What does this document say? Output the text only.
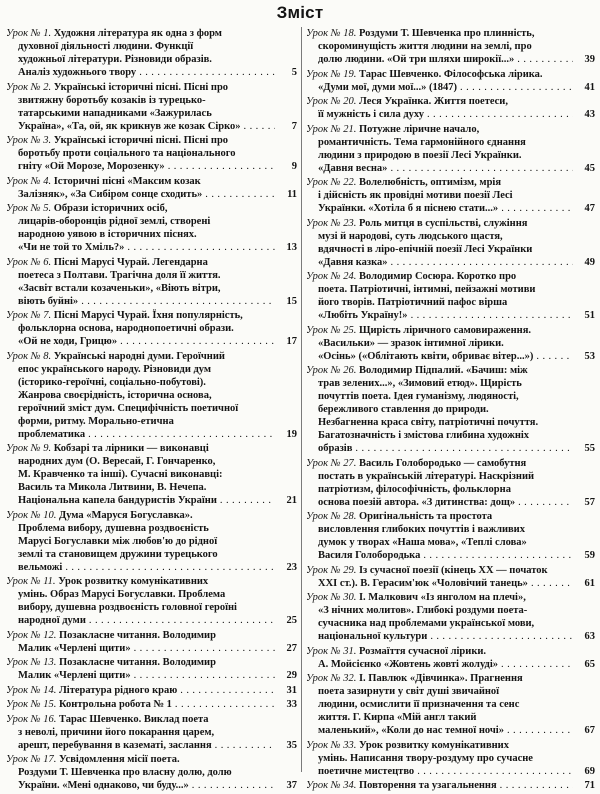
Зміст
Урок № 1. Художня література як одна з форм
духовної діяльності людини. Функції
художньої літератури. Різновиди образів.
Аналіз художнього твору . . .	5
Урок № 2. Українські історичні пісні. Пісні про
звитяжну боротьбу козаків із турецько-
татарськими нападниками «Зажурилась
Україна», «Та, ой, як крикнув же козак Сірко» . . .	7
Урок № 3. Українські історичні пісні. Пісні про
боротьбу проти соціального та національного
гніту «Ой Морозе, Морозенку» . . .	9
Урок № 4. Історичні пісні «Максим козак
Залізняк», «За Сибіром сонце сходить» . . .	11
Урок № 5. Образи історичних осіб,
лицарів-оборонців рідної землі, створені
народною уявою в історичних піснях.
«Чи не той то Хміль?» . . .	13
Урок № 6. Пісні Марусі Чурай. Легендарна
поетеса з Полтави. Трагічна доля її життя.
«Засвіт встали козаченьки», «Віють вітри,
віють буйні» . . .	15
Урок № 7. Пісні Марусі Чурай. Їхня популярність,
фольклорна основа, народнопоетичні образи.
«Ой не ходи, Грицю» . . .	17
Урок № 8. Українські народні думи. Героїчний
епос українського народу. Різновиди дум
(історико-героїчні, соціально-побутові).
Жанрова своєрідність, історична основа,
героїчний зміст дум. Специфічність поетичної
форми, ритму. Морально-етична
проблематика . . .	19
Урок № 9. Кобзарі та лірники — виконавці
народних дум (О. Вересай, Г. Гончаренко,
М. Кравченко та інші). Сучасні виконавці:
Василь та Микола Литвини, В. Нечепа.
Національна капела бандуристів України . . .	21
Урок № 10. Дума «Маруся Богуславка».
Проблема вибору, душевна роздвоєність
Марусі Богуславки між любов'ю до рідної
землі та становищем дружини турецького
вельможі . . .	23
Урок № 11. Урок розвитку комунікативних
умінь. Образ Марусі Богуславки. Проблема
вибору, душевна роздвоєність головної героїні
народної думи . . .	25
Урок № 12. Позакласне читання. Володимир
Малик «Черлені щити» . . .	27
Урок № 13. Позакласне читання. Володимир
Малик «Черлені щити» . . .	29
Урок № 14. Література рідного краю . . .	31
Урок № 15. Контрольна робота № 1 . . .	33
Урок № 16. Тарас Шевченко. Виклад поета
з неволі, причини його покарання царем,
арешт, перебування в казематі, заслання . . .	35
Урок № 17. Усвідомлення місії поета.
Роздуми Т. Шевченка про власну долю, долю
України. «Мені однаково, чи буду...» . . .	37
Урок № 18. Роздуми Т. Шевченка про плинність,
скороминущість життя людини на землі, про
долю людини. «Ой три шляхи широкії...» . . .	39
Урок № 19. Тарас Шевченко. Філософська лірика.
«Думи мої, думи мої...» (1847) . . .	41
Урок № 20. Леся Українка. Життя поетеси,
її мужність і сила духу . . .	43
Урок № 21. Потужне ліричне начало,
романтичність. Тема гармонійного єднання
людини з природою в поезії Лесі Українки.
«Давня весна» . . .	45
Урок № 22. Волелюбність, оптимізм, мрія
і дійсність як провідні мотиви поезії Лесі
Українки. «Хотіла б я піснею стати...» . . .	47
Урок № 23. Роль митця в суспільстві, служіння
музі й народові, суть людського щастя,
вдячності в ліро-епічній поезії Лесі Українки
«Давня казка» . . .	49
Урок № 24. Володимир Сосюра. Коротко про
поета. Патріотичні, інтимні, пейзажні мотиви
його творів. Патріотичний пафос вірша
«Любіть Україну!» . . .	51
Урок № 25. Щирість ліричного самовираження.
«Васильки» — зразок інтимної лірики.
«Осінь» («Облітають квіти, обриває вітер...») . . .	53
Урок № 26. Володимир Підпалий. «Бачиш: між
трав зелених...», «Зимовий етюд». Щирість
почуттів поета. Ідея гуманізму, людяності,
бережливого ставлення до природи.
Незбагненна краса світу, патріотичні почуття.
Багатозначність і змістова глибина художніх
образів . . .	55
Урок № 27. Василь Голобородько — самобутня
постать в українській літературі. Наскрізний
патріотизм, філософічність, фольклорна
основа поезій автора. «З дитинства: дощ» . . .	57
Урок № 28. Оригінальність та простота
висловлення глибоких почуттів і важливих
думок у творах «Наша мова», «Теплі слова»
Василя Голобородька . . .	59
Урок № 29. Із сучасної поезії (кінець XX — початок
XXI ст.). В. Герасим'юк «Чоловічий танець» . . .	61
Урок № 30. І. Малкович «Із янголом на плечі»,
«З нічних молитов». Глибокі роздуми поета-
сучасника над проблемами української мови,
національної культури . . .	63
Урок № 31. Розмаїття сучасної лірики.
А. Мойсієнко «Жовтень жовті жолуді» . . .	65
Урок № 32. І. Павлюк «Дівчинка». Прагнення
поета зазирнути у світ душі звичайної
людини, осмислити її призначення та сенс
життя. Г. Кирпа «Мій англ такий
маленький», «Коли до нас темної ночі» . . .	67
Урок № 33. Урок розвитку комунікативних
умінь. Написання твору-роздуму про сучасне
поетичне мистецтво . . .	69
Урок № 34. Повторення та узагальнення . . .	71
